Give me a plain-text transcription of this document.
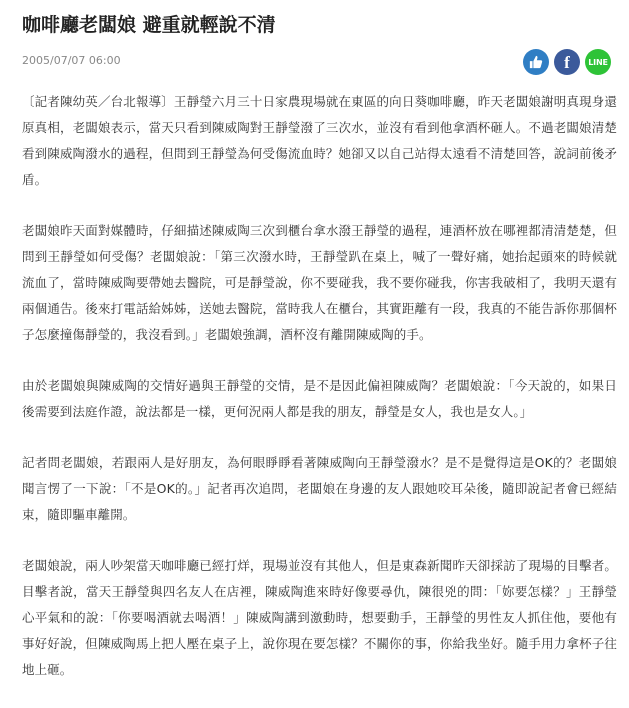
咖啡廳老闆娘 避重就輕說不清
2005/07/07 06:00	f LINE

〔記者陳幼英／台北報導〕王靜瑩六月三十日家農現場就在東區的向日葵咖啡廳，昨天老闆娘謝明真現身還原真相，老闆娘表示，當天只看到陳威陶對王靜瑩潑了三次水，並沒有看到他拿酒杯砸人。不過老闆娘清楚看到陳威陶潑水的過程，但問到王靜瑩為何受傷流血時？她卻又以自己站得太遠看不清楚回答，說詞前後矛盾。

老闆娘昨天面對媒體時，仔細描述陳威陶三次到櫃台拿水潑王靜瑩的過程，連酒杯放在哪裡都清清楚楚，但問到王靜瑩如何受傷？老闆娘說：「第三次潑水時，王靜瑩趴在桌上，喊了一聲好痛，她抬起頭來的時候就流血了，當時陳威陶要帶她去醫院，可是靜瑩說，你不要碰我，我不要你碰我，你害我破相了，我明天還有兩個通告。後來打電話給姊姊，送她去醫院，當時我人在櫃台，其實距離有一段，我真的不能告訴你那個杯子怎麼撞傷靜瑩的，我沒看到。」老闆娘強調，酒杯沒有離開陳威陶的手。

由於老闆娘與陳威陶的交情好過與王靜瑩的交情，是不是因此偏袒陳威陶？老闆娘說：「今天說的，如果日後需要到法庭作證，說法都是一樣，更何況兩人都是我的朋友，靜瑩是女人，我也是女人。」

記者問老闆娘，若跟兩人是好朋友，為何眼睜睜看著陳威陶向王靜瑩潑水？是不是覺得這是OK的？老闆娘聞言愣了一下說：「不是OK的。」記者再次追問，老闆娘在身邊的友人跟她咬耳朵後，隨即說記者會已經結束，隨即驅車離開。

老闆娘說，兩人吵架當天咖啡廳已經打烊，現場並沒有其他人，但是東森新聞昨天卻採訪了現場的目擊者。目擊者說，當天王靜瑩與四名友人在店裡，陳威陶進來時好像要尋仇，陳很兇的問：「妳要怎樣？」王靜瑩心平氣和的說：「你要喝酒就去喝酒！」陳威陶講到激動時，想要動手，王靜瑩的男性友人抓住他，要他有事好好說，但陳威陶馬上把人壓在桌子上，說你現在要怎樣？不關你的事，你給我坐好。隨手用力拿杯子往地上砸。
